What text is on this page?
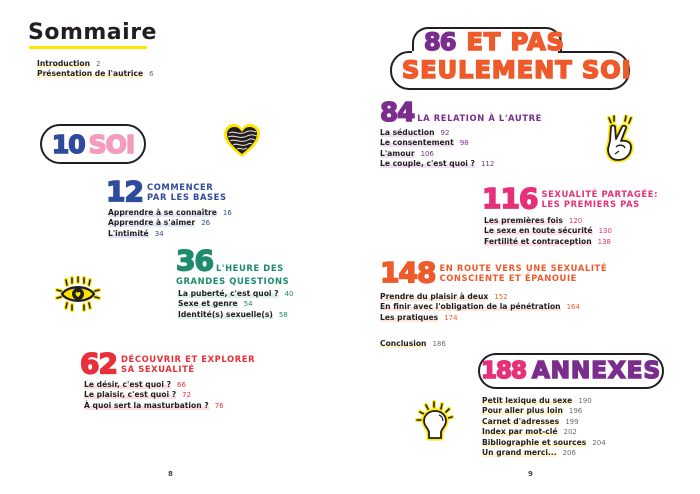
Sommaire
Introduction 2
Présentation de l'autrice 6
10 SOI
12 COMMENCER
PAR LES BASES
Apprendre à se connaître 16
Apprendre à s'aimer 26
L'intimité 34
36 L'HEURE DES
GRANDES QUESTIONS
La puberté, c'est quoi ? 40
Sexe et genre 54
Identité(s) sexuelle(s) 58
62 DÉCOUVRIR ET EXPLORER
SA SEXUALITÉ
Le désir, c'est quoi ? 66
Le plaisir, c'est quoi ? 72
À quoi sert la masturbation ? 76
8
86 ET PAS
SEULEMENT SOI
84 LA RELATION À L'AUTRE
La séduction 92
Le consentement 98
L'amour 106
Le couple, c'est quoi ? 112
116 SEXUALITÉ PARTAGÉE:
LES PREMIERS PAS
Les premières fois 120
Le sexe en toute sécurité 130
Fertilité et contraception 138
148 EN ROUTE VERS UNE SEXUALITÉ
CONSCIENTE ET ÉPANOUIE
Prendre du plaisir à deux 152
En finir avec l'obligation de la pénétration 164
Les pratiques 174
Conclusion 186
188 ANNEXES
Petit lexique du sexe 190
Pour aller plus loin 196
Carnet d'adresses 199
Index par mot-clé 202
Bibliographie et sources 204
Un grand merci... 206
9
